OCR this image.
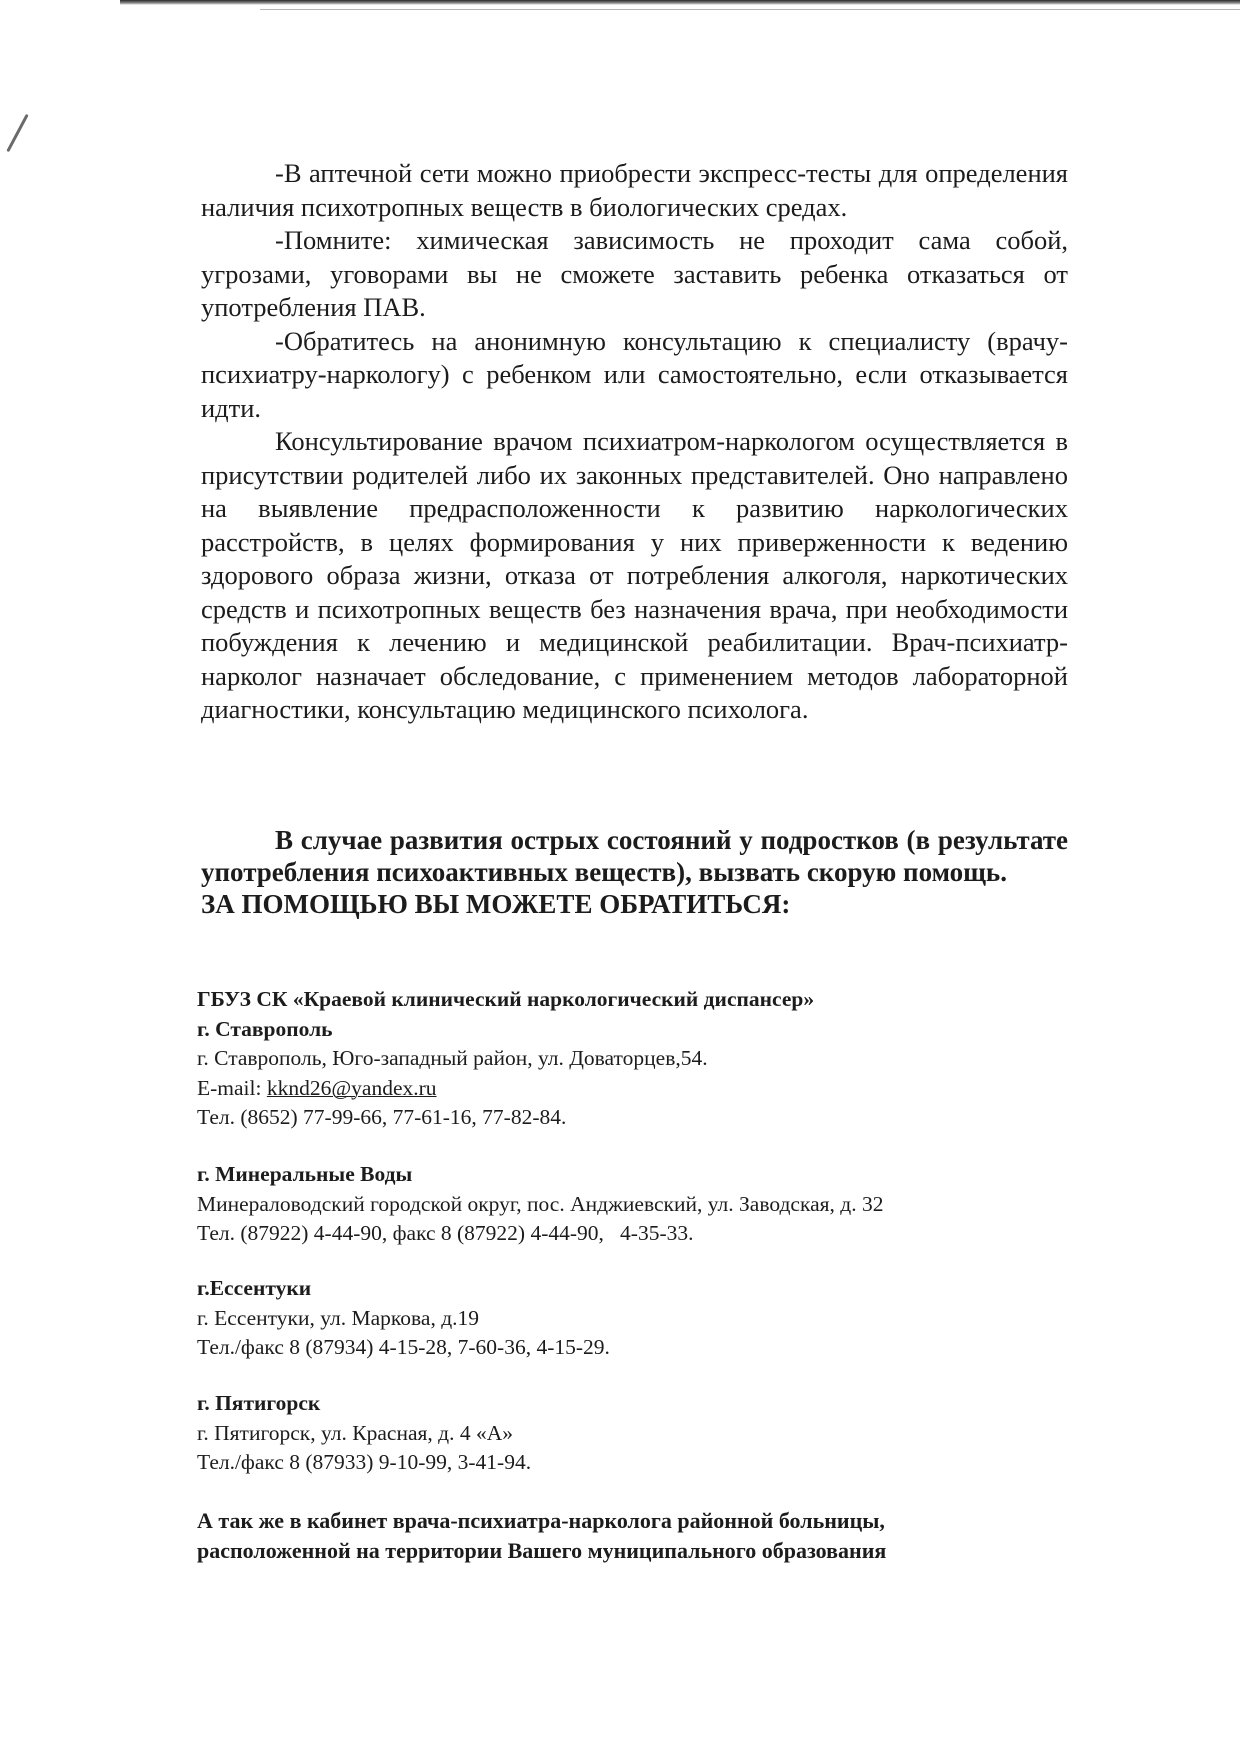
-В аптечной сети можно приобрести экспресс-тесты для определения наличия психотропных веществ в биологических средах.

-Помните: химическая зависимость не проходит сама собой, угрозами, уговорами вы не сможете заставить ребенка отказаться от употребления ПАВ.

-Обратитесь на анонимную консультацию к специалисту (врачу-психиатру-наркологу) с ребенком или самостоятельно, если отказывается идти.

Консультирование врачом психиатром-наркологом осуществляется в присутствии родителей либо их законных представителей. Оно направлено на выявление предрасположенности к развитию наркологических расстройств, в целях формирования у них приверженности к ведению здорового образа жизни, отказа от потребления алкоголя, наркотических средств и психотропных веществ без назначения врача, при необходимости побуждения к лечению и медицинской реабилитации. Врач-психиатр-нарколог назначает обследование, с применением методов лабораторной диагностики, консультацию медицинского психолога.

В случае развития острых состояний у подростков (в результате употребления психоактивных веществ), вызвать скорую помощь.

ЗА ПОМОЩЬЮ ВЫ МОЖЕТЕ ОБРАТИТЬСЯ:

ГБУЗ СК «Краевой клинический наркологический диспансер»
г. Ставрополь
г. Ставрополь, Юго-западный район, ул. Доваторцев,54.
E-mail: kknd26@yandex.ru
Тел. (8652) 77-99-66, 77-61-16, 77-82-84.
г. Минеральные Воды
Минераловодский городской округ, пос. Анджиевский, ул. Заводская, д. 32
Тел. (87922) 4-44-90, факс 8 (87922) 4-44-90,   4-35-33.
г.Ессентуки
г. Ессентуки, ул. Маркова, д.19
Тел./факс 8 (87934) 4-15-28, 7-60-36, 4-15-29.
г. Пятигорск
г. Пятигорск, ул. Красная, д. 4 «А»
Тел./факс 8 (87933) 9-10-99, 3-41-94.
А так же в кабинет врача-психиатра-нарколога районной больницы,
расположенной на территории Вашего муниципального образования
